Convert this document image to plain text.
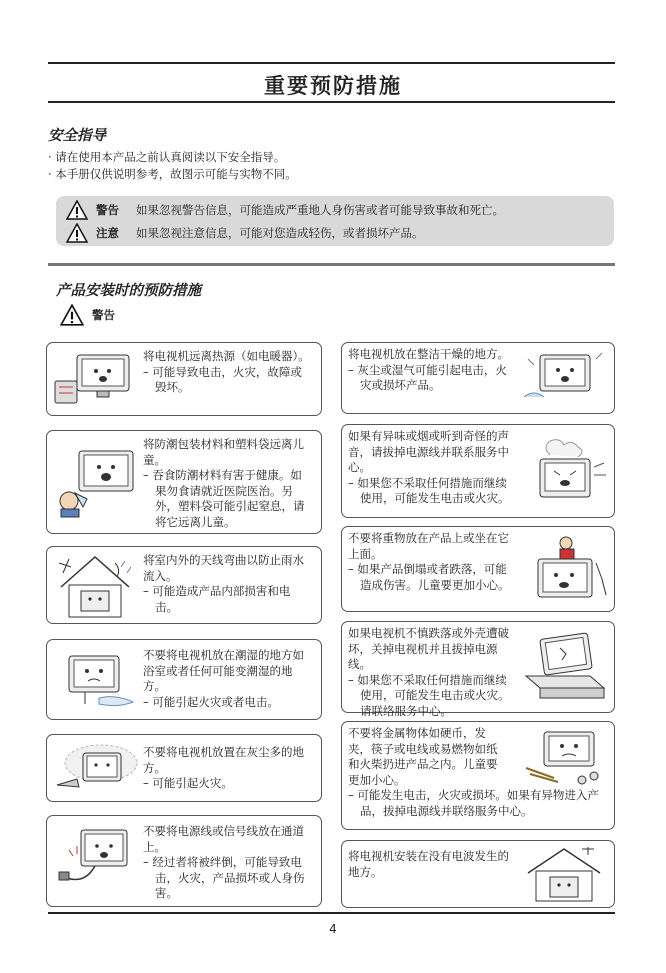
重要预防措施
安全指导
· 请在使用本产品之前认真阅读以下安全指导。
· 本手册仅供说明参考，故图示可能与实物不同。
警告	如果忽视警告信息，可能造成严重地人身伤害或者可能导致事故和死亡。
注意	如果忽视注意信息，可能对您造成轻伤，或者损坏产品。
产品安装时的预防措施
警告
将电视机远离热源（如电暖器）。
– 可能导致电击，火灾，故障或毁坏。
将防潮包装材料和塑料袋远离儿童。
– 吞食防潮材料有害于健康。如果勿食请就近医院医治。另外，塑料袋可能引起窒息，请将它远离儿童。
将室内外的天线弯曲以防止雨水流入。
– 可能造成产品内部损害和电击。
不要将电视机放在潮湿的地方如浴室或者任何可能变潮湿的地方。
– 可能引起火灾或者电击。
不要将电视机放置在灰尘多的地方。
– 可能引起火灾。
不要将电源线或信号线放在通道上。
– 经过者将被绊倒，可能导致电击，火灾，产品损坏或人身伤害。
将电视机放在整洁干燥的地方。
– 灰尘或湿气可能引起电击，火灾或损坏产品。
如果有异味或烟或听到奇怪的声音，请拔掉电源线并联系服务中心。
– 如果您不采取任何措施而继续使用，可能发生电击或火灾。
不要将重物放在产品上或坐在它上面。
– 如果产品倒塌或者跌落，可能造成伤害。儿童要更加小心。
如果电视机不慎跌落或外壳遭破坏，关掉电视机并且拔掉电源线。
– 如果您不采取任何措施而继续使用，可能发生电击或火灾。请联络服务中心。
不要将金属物体如硬币，发夹，筷子或电线或易燃物如纸和火柴扔进产品之内。儿童要更加小心。
– 可能发生电击，火灾或损坏。如果有异物进入产品，拔掉电源线并联络服务中心。
将电视机安装在没有电波发生的地方。
4
